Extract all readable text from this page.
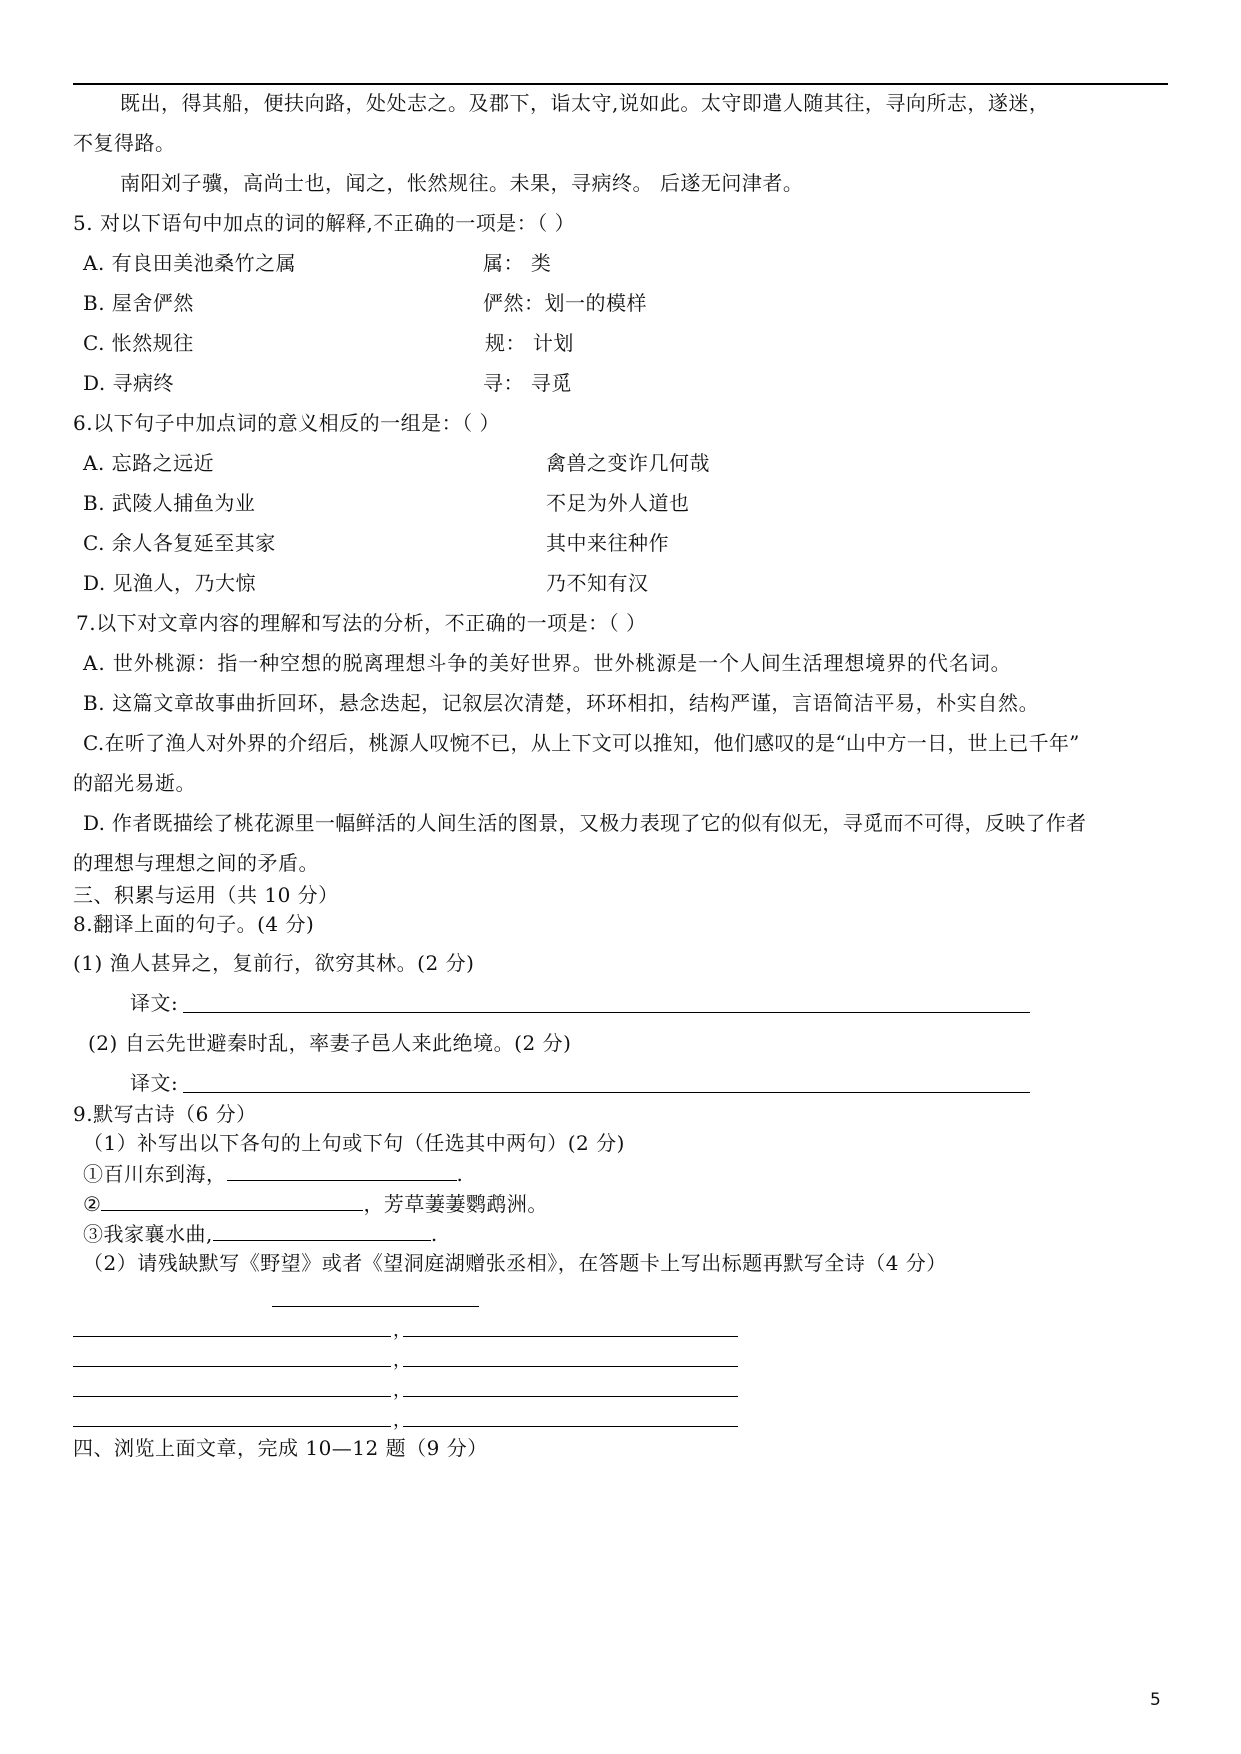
既出，得其船，便扶向路，处处志之。及郡下，诣太守,说如此。太守即遣人随其往，寻向所志，遂迷，
不复得路。
南阳刘子骥，高尚士也，闻之，怅然规往。未果，寻病终。 后遂无问津者。
5. 对以下语句中加点的词的解释,不正确的一项是：（ ）
A. 有良田美池桑竹之属	属： 类
B. 屋舍俨然	俨然：划一的模样
C. 怅然规往	规： 计划
D. 寻病终	寻： 寻觅
6.以下句子中加点词的意义相反的一组是：（ ）
A. 忘路之远近	禽兽之变诈几何哉
B. 武陵人捕鱼为业	不足为外人道也
C. 余人各复延至其家	其中来往种作
D. 见渔人，乃大惊	乃不知有汉
7.以下对文章内容的理解和写法的分析，不正确的一项是：（ ）
A. 世外桃源：指一种空想的脱离理想斗争的美好世界。世外桃源是一个人间生活理想境界的代名词。
B. 这篇文章故事曲折回环，悬念迭起，记叙层次清楚，环环相扣，结构严谨，言语简洁平易，朴实自然。
C.在听了渔人对外界的介绍后，桃源人叹惋不已，从上下文可以推知，他们感叹的是“山中方一日，世上已千年”
的韶光易逝。
D. 作者既描绘了桃花源里一幅鲜活的人间生活的图景，又极力表现了它的似有似无，寻觅而不可得，反映了作者
的理想与理想之间的矛盾。
三、积累与运用（共 10 分）
8.翻译上面的句子。(4 分)
(1) 渔人甚异之，复前行，欲穷其林。(2 分)
译文:
(2) 自云先世避秦时乱，率妻子邑人来此绝境。(2 分)
译文:
9.默写古诗（6 分）
（1）补写出以下各句的上句或下句（任选其中两句）(2 分)
①百川东到海，	.
②	，芳草萋萋鹦鹉洲。
③我家襄水曲,	.
（2）请残缺默写《野望》或者《望洞庭湖赠张丞相》，在答题卡上写出标题再默写全诗（4 分）
，
，
，
，
四、浏览上面文章，完成 10—12 题（9 分）
5
